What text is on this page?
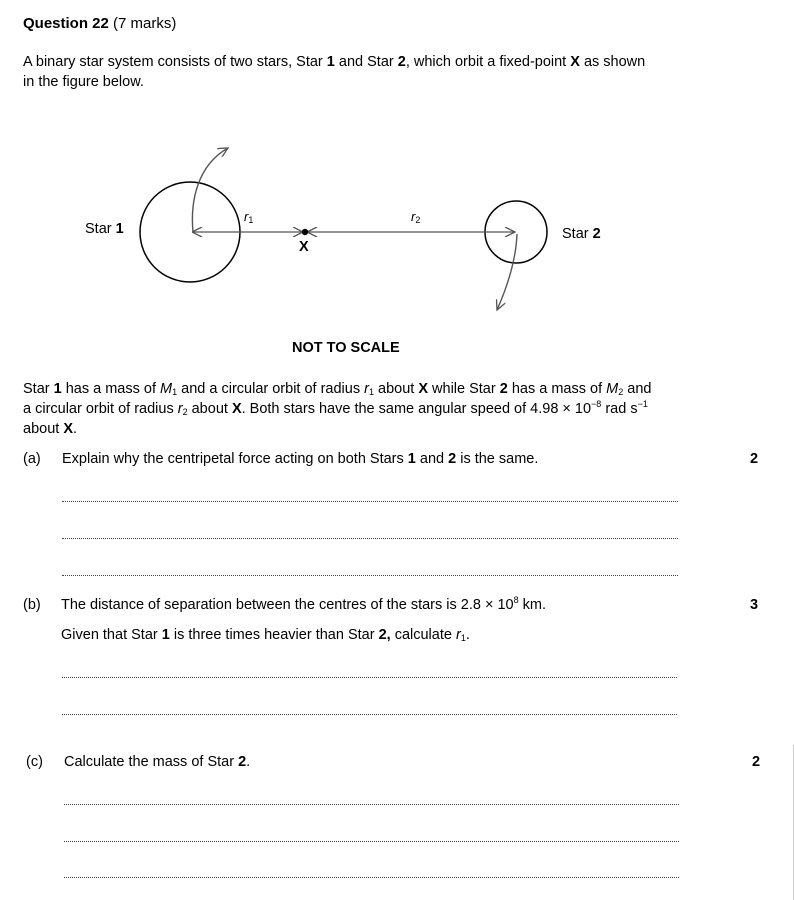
Question 22 (7 marks)
A binary star system consists of two stars, Star 1 and Star 2, which orbit a fixed-point X as shown
in the figure below.
Star 1	Star 2
$r_1$	$r_2$
X
NOT TO SCALE
Star 1 has a mass of $M_1$ and a circular orbit of radius $r_1$ about X while Star 2 has a mass of $M_2$ and
a circular orbit of radius $r_2$ about X. Both stars have the same angular speed of $4.98 \times 10^{-8}$ rad $s^{-1}$
about X.
(a) Explain why the centripetal force acting on both Stars 1 and 2 is the same.	2
(b) The distance of separation between the centres of the stars is $2.8 \times 10^8$ km.	3
Given that Star 1 is three times heavier than Star 2, calculate $r_1$.
(c) Calculate the mass of Star 2.	2
